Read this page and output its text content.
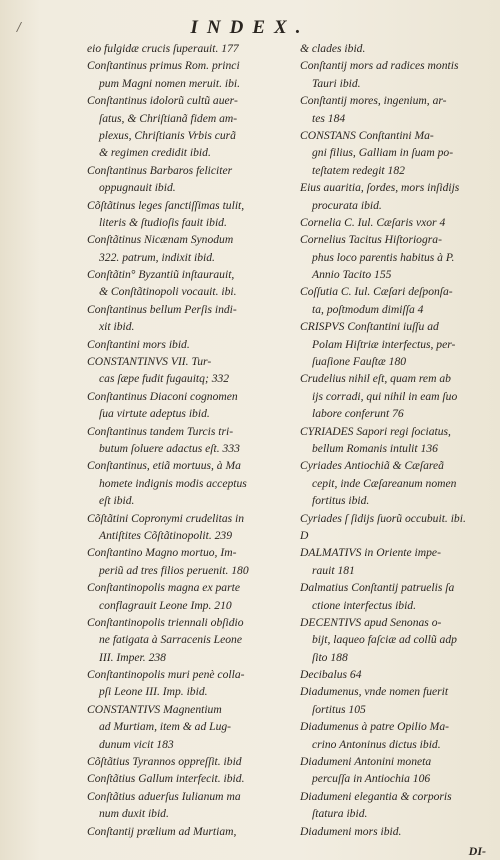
/	INDEX.
eio fulgidæ crucis ſuperauit. 177
Conſtantinus primus Rom. princi
pum Magni nomen meruit. ibi.
Conſtantinus idolorũ cultũ auer-
ſatus, & Chriſtianã fidem am-
plexus, Chriſtianis Vrbis curã
& regimen credidit ibid.
Conſtantinus Barbaros feliciter
oppugnauit ibid.
Cõſtãtinus leges ſanctiſſimas tulit,
literis & ſtudioſis fauit ibid.
Conſtãtinus Nicænam Synodum
322. patrum, indixit ibid.
Conſtãtin° Byzantiũ inſtaurauit,
& Conſtãtinopoli vocauit. ibi.
Conſtantinus bellum Perſis indi-
xit ibid.
Conſtantini mors ibid.
CONSTANTINVS VII. Tur-
cas ſæpe fudit fugauitq; 332
Conſtantinus Diaconi cognomen
ſua virtute adeptus ibid.
Conſtantinus tandem Turcis tri-
butum ſoluere adactus eſt. 333
Conſtantinus, etiã mortuus, à Ma
homete indignis modis acceptus
eſt ibid.
Cõſtãtini Copronymi crudelitas in
Antiſtites Cõſtãtinopolit. 239
Conſtantino Magno mortuo, Im-
periũ ad tres filios peruenit. 180
Conſtantinopolis magna ex parte
conflagrauit Leone Imp. 210
Conſtantinopolis triennali obſidio
ne fatigata à Sarracenis Leone
III. Imper. 238
Conſtantinopolis muri penè colla-
pſi Leone III. Imp. ibid.
CONSTANTIVS Magnentium
ad Murtiam, item & ad Lug-
dunum vicit 183
Cõſtãtius Tyrannos oppreſſit. ibid
Conſtãtius Gallum interfecit. ibid.
Conſtãtius aduerſus Iulianum ma
num duxit ibid.
Conſtantij prælium ad Murtiam,
& clades ibid.
Conſtantij mors ad radices montis
Tauri ibid.
Conſtantij mores, ingenium, ar-
tes 184
CONSTANS Conſtantini Ma-
gni filius, Galliam in ſuam po-
teſtatem redegit 182
Eius auaritia, ſordes, mors inſidijs
procurata ibid.
Cornelia C. Iul. Cæſaris vxor 4
Cornelius Tacitus Hiſtoriogra-
phus loco parentis habitus à P.
Annio Tacito 155
Coſſutia C. Iul. Cæſari deſponſa-
ta, poſtmodum dimiſſa 4
CRISPVS Conſtantini iuſſu ad
Polam Hiſtriæ interfectus, per-
ſuaſione Fauſtæ 180
Crudelius nihil eſt, quam rem ab
ijs corradi, qui nihil in eam ſuo
labore conferunt 76
CYRIADES Sapori regi ſociatus,
bellum Romanis intulit 136
Cyriades Antiochiã & Cæſareã
cepit, inde Cæſareanum nomen
fortitus ibid.
Cyriades ſ ſidijs ſuorũ occubuit. ibi.
D
DALMATIVS in Oriente impe-
rauit 181
Dalmatius Conſtantij patruelis ſa
ctione interfectus ibid.
DECENTIVS apud Senonas o-
bijt, laqueo faſciæ ad collũ adp
ſito 188
Decibalus 64
Diadumenus, vnde nomen fuerit
ſortitus 105
Diadumenus à patre Opilio Ma-
crino Antoninus dictus ibid.
Diadumeni Antonini moneta
percuſſa in Antiochia 106
Diadumeni elegantia & corporis
ſtatura ibid.
Diadumeni mors ibid.
DI-
